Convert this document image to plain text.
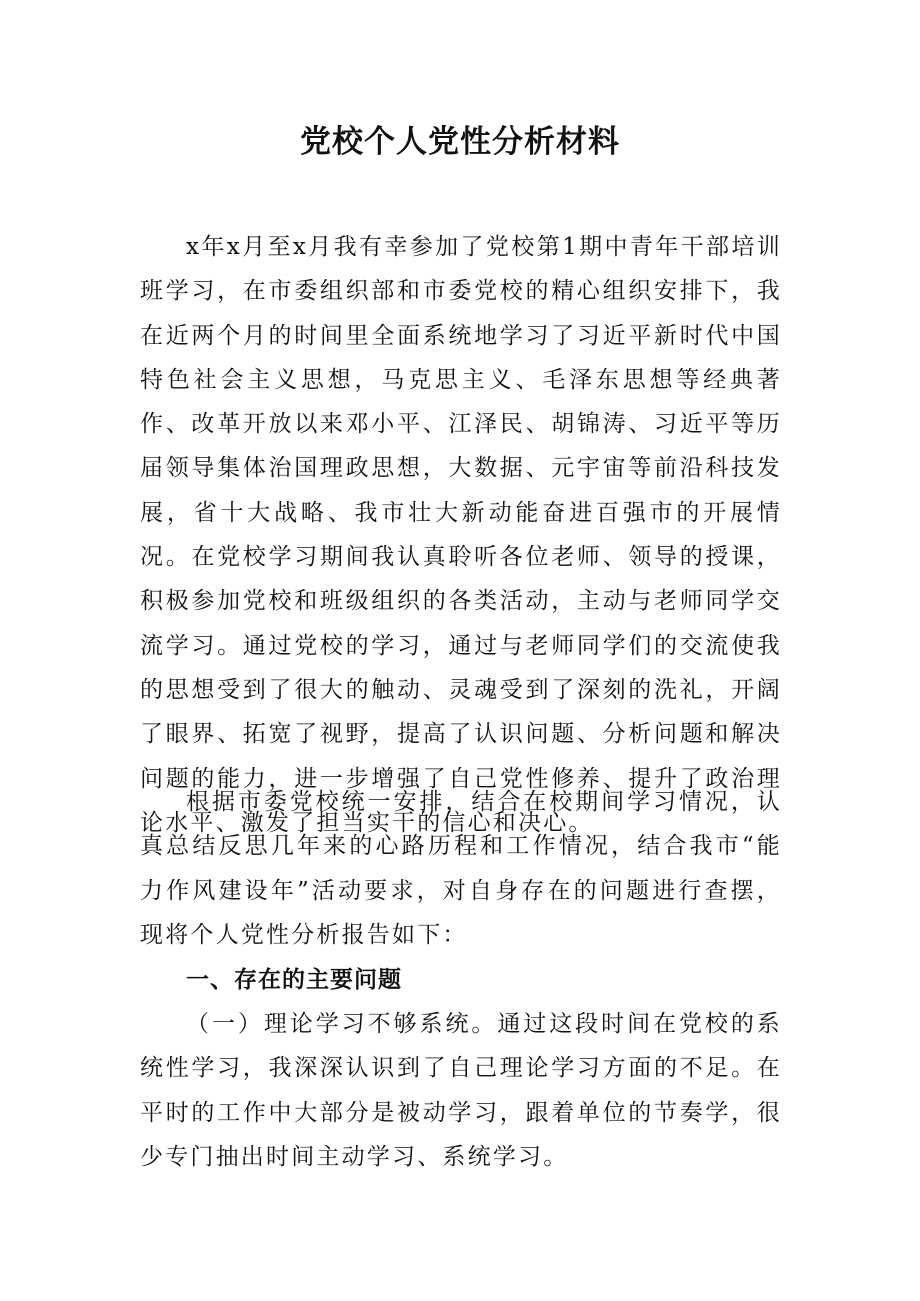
党校个人党性分析材料

x年x月至x月我有幸参加了党校第1期中青年干部培训班学习，在市委组织部和市委党校的精心组织安排下，我在近两个月的时间里全面系统地学习了习近平新时代中国特色社会主义思想，马克思主义、毛泽东思想等经典著作、改革开放以来邓小平、江泽民、胡锦涛、习近平等历届领导集体治国理政思想，大数据、元宇宙等前沿科技发展，省十大战略、我市壮大新动能奋进百强市的开展情况。在党校学习期间我认真聆听各位老师、领导的授课，积极参加党校和班级组织的各类活动，主动与老师同学交流学习。通过党校的学习，通过与老师同学们的交流使我的思想受到了很大的触动、灵魂受到了深刻的洗礼，开阔了眼界、拓宽了视野，提高了认识问题、分析问题和解决问题的能力，进一步增强了自己党性修养、提升了政治理论水平、激发了担当实干的信心和决心。

根据市委党校统一安排，结合在校期间学习情况，认真总结反思几年来的心路历程和工作情况，结合我市“能力作风建设年”活动要求，对自身存在的问题进行查摆，现将个人党性分析报告如下：

一、存在的主要问题

（一）理论学习不够系统。通过这段时间在党校的系统性学习，我深深认识到了自己理论学习方面的不足。在平时的工作中大部分是被动学习，跟着单位的节奏学，很少专门抽出时间主动学习、系统学习。
